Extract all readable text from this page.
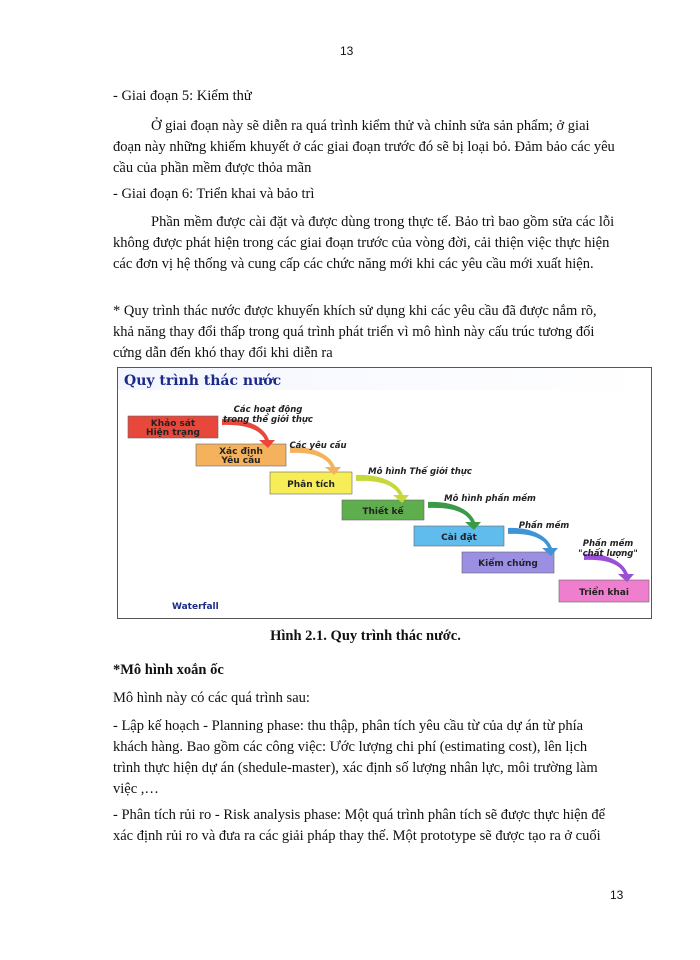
13
- Giai đoạn 5: Kiểm thử
Ở giai đoạn này sẽ diễn ra quá trình kiểm thử và chỉnh sửa sản phẩm; ở giai đoạn này những khiếm khuyết ở các giai đoạn trước đó sẽ bị loại bỏ. Đảm bảo các yêu cầu của phần mềm được thỏa mãn
- Giai đoạn 6: Triển khai và bảo trì
Phần mềm được cài đặt và được dùng trong thực tế. Bảo trì bao gồm sửa các lỗi không được phát hiện trong các giai đoạn trước của vòng đời, cải thiện việc thực hiện các đơn vị hệ thống và cung cấp các chức năng mới khi các yêu cầu mới xuất hiện.
* Quy trình thác nước được khuyến khích sử dụng khi các yêu cầu đã được nắm rõ, khả năng thay đổi thấp trong quá trình phát triển vì mô hình này cấu trúc tương đối cứng dẫn đến khó thay đổi khi diễn ra
Quy trình thác nước
Khảo sát
Hiện trạng
Xác định
Yêu cầu
Phân tích
Thiết kế
Cài đặt
Kiểm chứng
Triển khai
Các hoạt động
trong thế giới thực
Các yêu cầu
Mô hình Thế giới thực
Mô hình phần mềm
Phần mềm
Phần mềm
"chất lượng"
Waterfall
Hình 2.1. Quy trình thác nước.
*Mô hình xoắn ốc
Mô hình này có các quá trình sau:
- Lập kế hoạch - Planning phase: thu thập, phân tích yêu cầu từ của dự án từ phía khách hàng. Bao gồm các công việc: Ước lượng chi phí (estimating cost), lên lịch trình thực hiện dự án (shedule-master), xác định số lượng nhân lực, môi trường làm việc ,…
- Phân tích rủi ro - Risk analysis phase: Một quá trình phân tích sẽ được thực hiện để xác định rủi ro và đưa ra các giải pháp thay thế. Một prototype sẽ được tạo ra ở cuối
13
